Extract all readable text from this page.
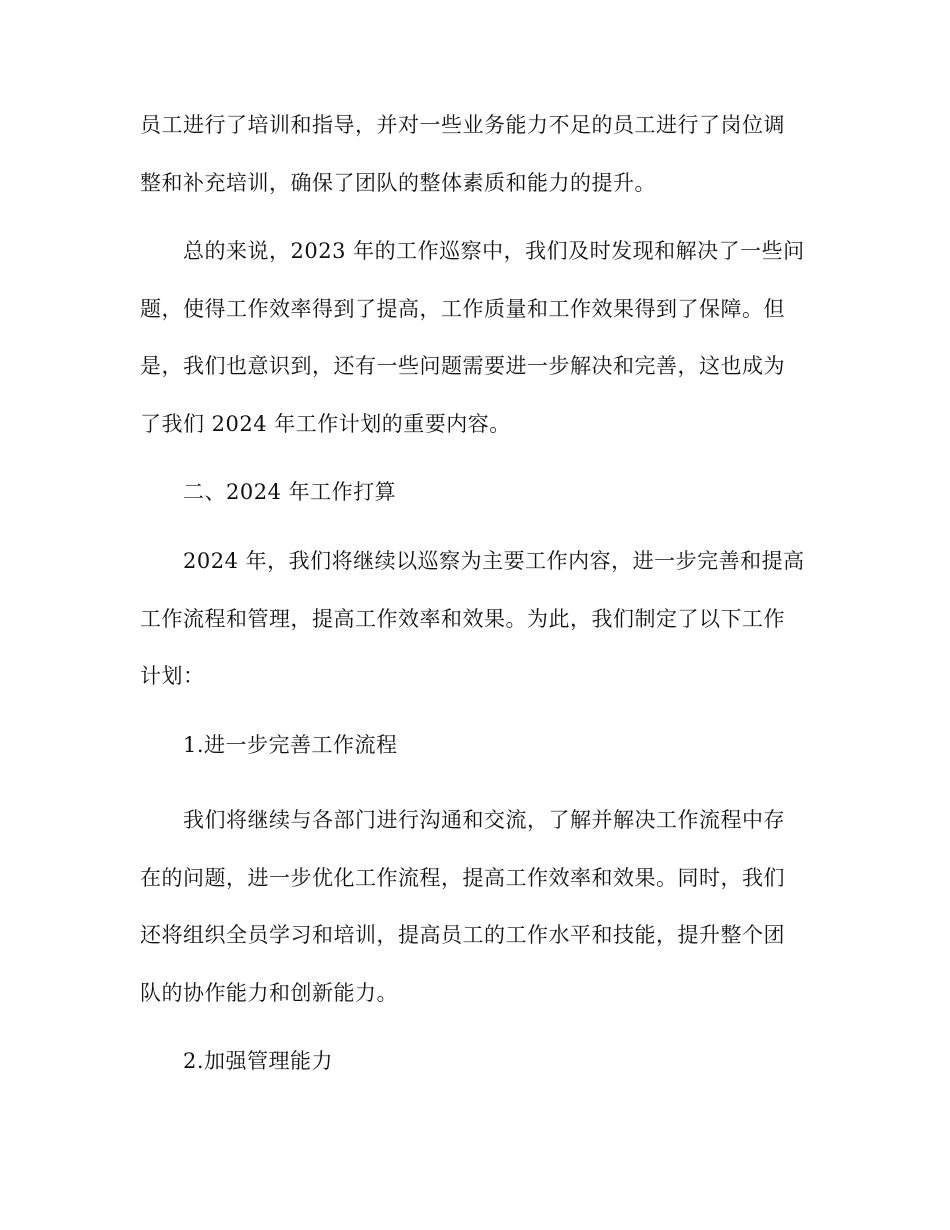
员工进行了培训和指导，并对一些业务能力不足的员工进行了岗位调
整和补充培训，确保了团队的整体素质和能力的提升。
总的来说，2023 年的工作巡察中，我们及时发现和解决了一些问
题，使得工作效率得到了提高，工作质量和工作效果得到了保障。但
是，我们也意识到，还有一些问题需要进一步解决和完善，这也成为
了我们 2024 年工作计划的重要内容。
二、2024 年工作打算
2024 年，我们将继续以巡察为主要工作内容，进一步完善和提高
工作流程和管理，提高工作效率和效果。为此，我们制定了以下工作
计划：
1.进一步完善工作流程
我们将继续与各部门进行沟通和交流，了解并解决工作流程中存
在的问题，进一步优化工作流程，提高工作效率和效果。同时，我们
还将组织全员学习和培训，提高员工的工作水平和技能，提升整个团
队的协作能力和创新能力。
2.加强管理能力
